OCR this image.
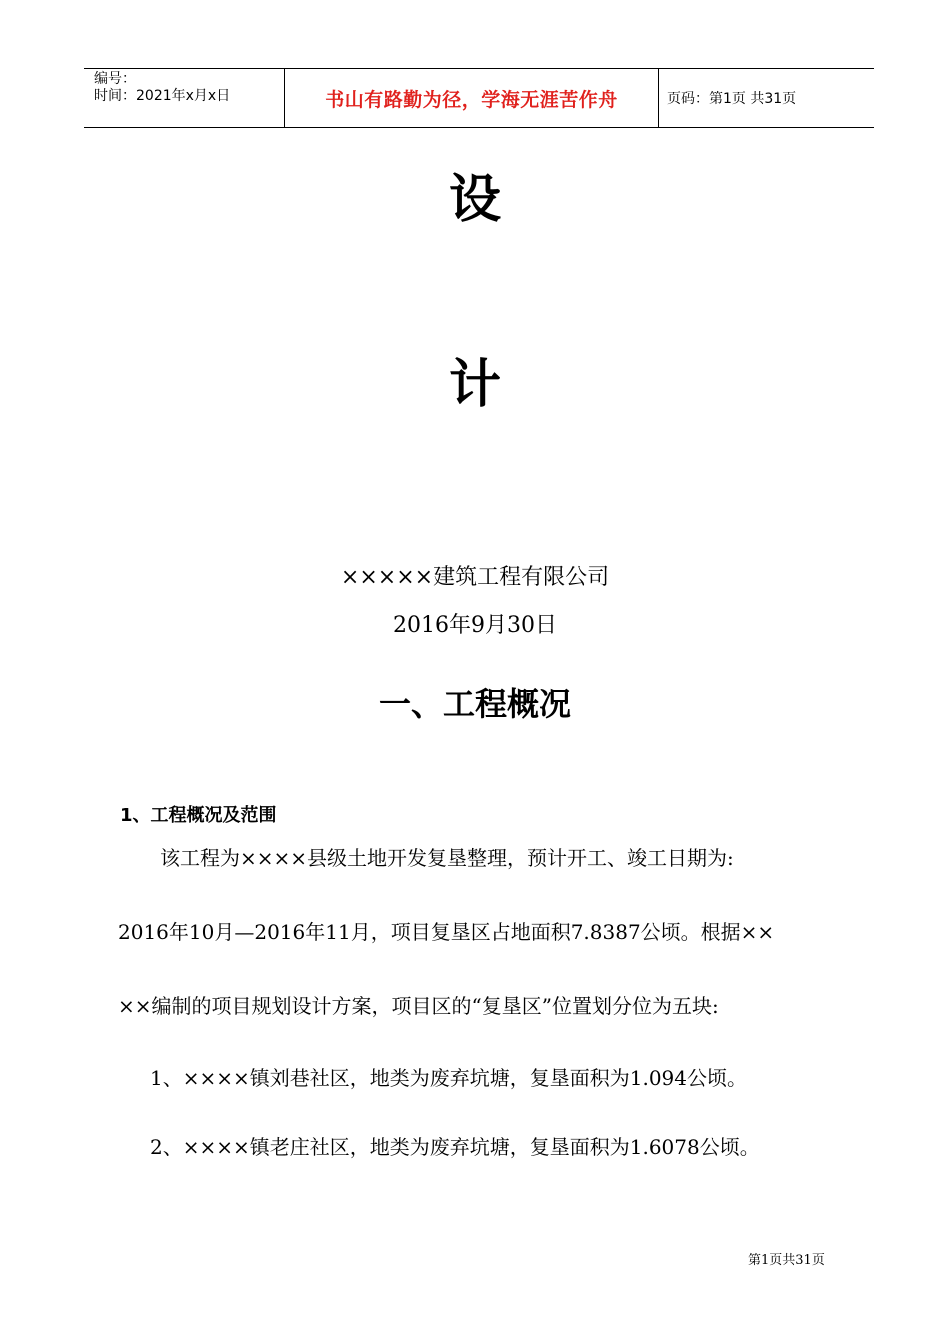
编号：
时间：2021年x月x日	书山有路勤为径，学海无涯苦作舟	页码：第1页 共31页
设
计
×××××建筑工程有限公司
2016年9月30日
一、工程概况
1、工程概况及范围
该工程为××××县级土地开发复垦整理，预计开工、竣工日期为:
2016年10月—2016年11月，项目复垦区占地面积7.8387公顷。根据××
××编制的项目规划设计方案，项目区的“复垦区”位置划分位为五块:
1、××××镇刘巷社区，地类为废弃坑塘，复垦面积为1.094公顷。
2、××××镇老庄社区，地类为废弃坑塘，复垦面积为1.6078公顷。
第1页共31页
